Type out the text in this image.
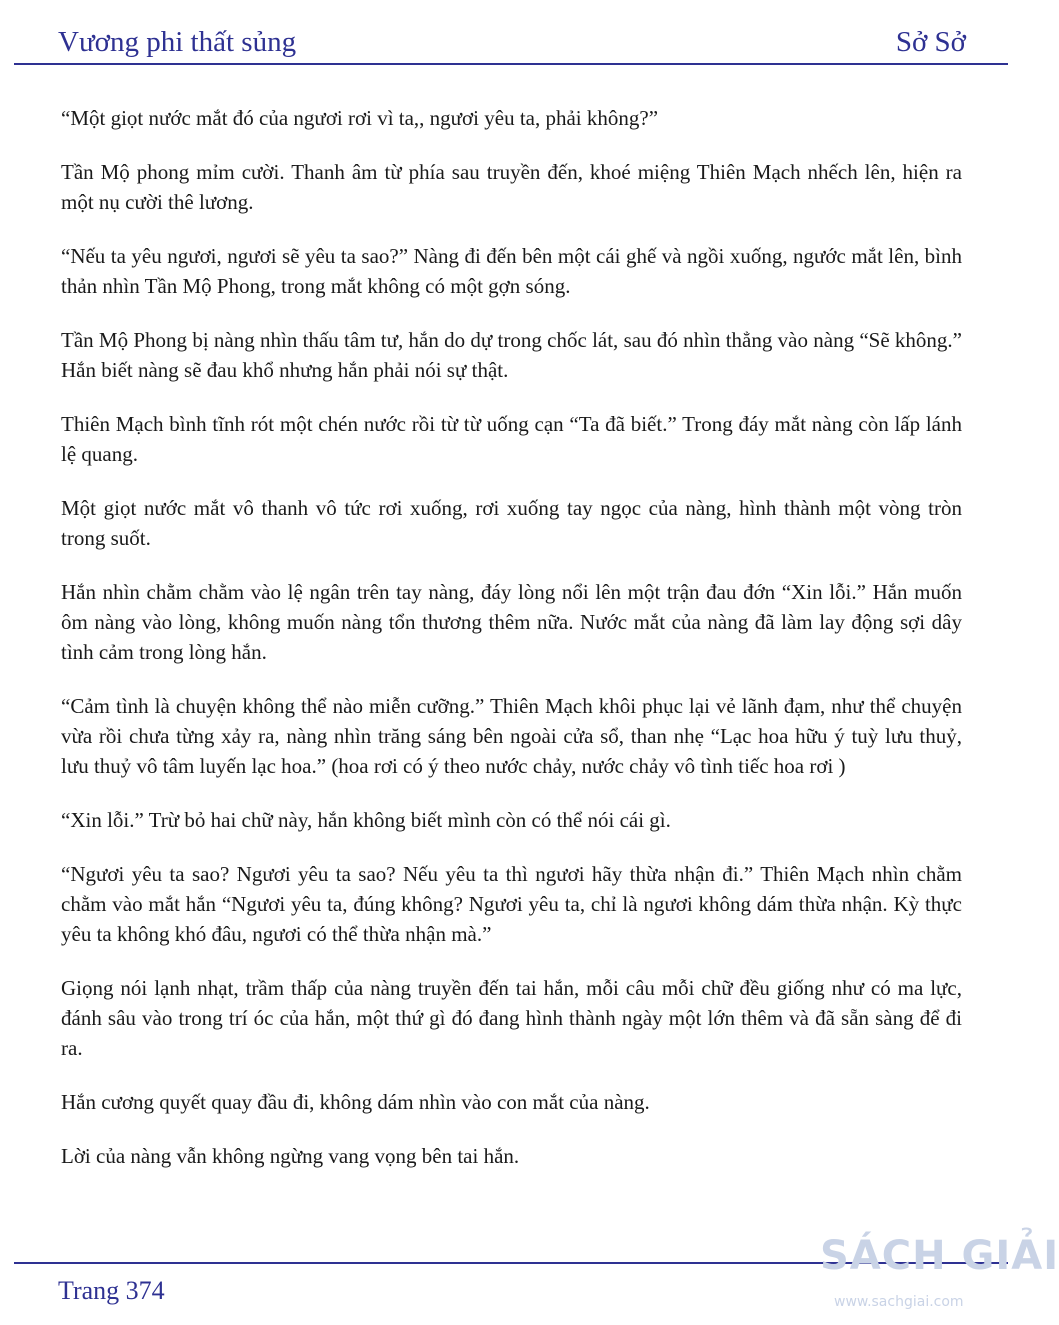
Vương phi thất sủng	Sở Sở

“Một giọt nước mắt đó của ngươi rơi vì ta,, ngươi yêu ta, phải không?”

Tần Mộ phong mỉm cười. Thanh âm từ phía sau truyền đến, khoé miệng Thiên Mạch nhếch lên, hiện ra một nụ cười thê lương.

“Nếu ta yêu ngươi, ngươi sẽ yêu ta sao?” Nàng đi đến bên một cái ghế và ngồi xuống, ngước mắt lên, bình thản nhìn Tần Mộ Phong, trong mắt không có một gợn sóng.

Tần Mộ Phong bị nàng nhìn thấu tâm tư, hắn do dự trong chốc lát, sau đó nhìn thẳng vào nàng “Sẽ không.” Hắn biết nàng sẽ đau khổ nhưng hắn phải nói sự thật.

Thiên Mạch bình tĩnh rót một chén nước rồi từ từ uống cạn “Ta đã biết.” Trong đáy mắt nàng còn lấp lánh lệ quang.

Một giọt nước mắt vô thanh vô tức rơi xuống, rơi xuống tay ngọc của nàng, hình thành một vòng tròn trong suốt.

Hắn nhìn chằm chằm vào lệ ngân trên tay nàng, đáy lòng nổi lên một trận đau đớn “Xin lỗi.” Hắn muốn ôm nàng vào lòng, không muốn nàng tổn thương thêm nữa. Nước mắt của nàng đã làm lay động sợi dây tình cảm trong lòng hắn.

“Cảm tình là chuyện không thể nào miễn cưỡng.” Thiên Mạch khôi phục lại vẻ lãnh đạm, như thể chuyện vừa rồi chưa từng xảy ra, nàng nhìn trăng sáng bên ngoài cửa sổ, than nhẹ “Lạc hoa hữu ý tuỳ lưu thuỷ, lưu thuỷ vô tâm luyến lạc hoa.” (hoa rơi có ý theo nước chảy, nước chảy vô tình tiếc hoa rơi )

“Xin lỗi.” Trừ bỏ hai chữ này, hắn không biết mình còn có thể nói cái gì.

“Ngươi yêu ta sao? Ngươi yêu ta sao? Nếu yêu ta thì ngươi hãy thừa nhận đi.” Thiên Mạch nhìn chằm chằm vào mắt hắn “Ngươi yêu ta, đúng không? Ngươi yêu ta, chỉ là ngươi không dám thừa nhận. Kỳ thực yêu ta không khó đâu, ngươi có thể thừa nhận mà.”

Giọng nói lạnh nhạt, trầm thấp của nàng truyền đến tai hắn, mỗi câu mỗi chữ đều giống như có ma lực, đánh sâu vào trong trí óc của hắn, một thứ gì đó đang hình thành ngày một lớn thêm và đã sẵn sàng để đi ra.

Hắn cương quyết quay đầu đi, không dám nhìn vào con mắt của nàng.

Lời của nàng vẫn không ngừng vang vọng bên tai hắn.

SÁCH GIẢI
www.sachgiai.com
Trang 374
